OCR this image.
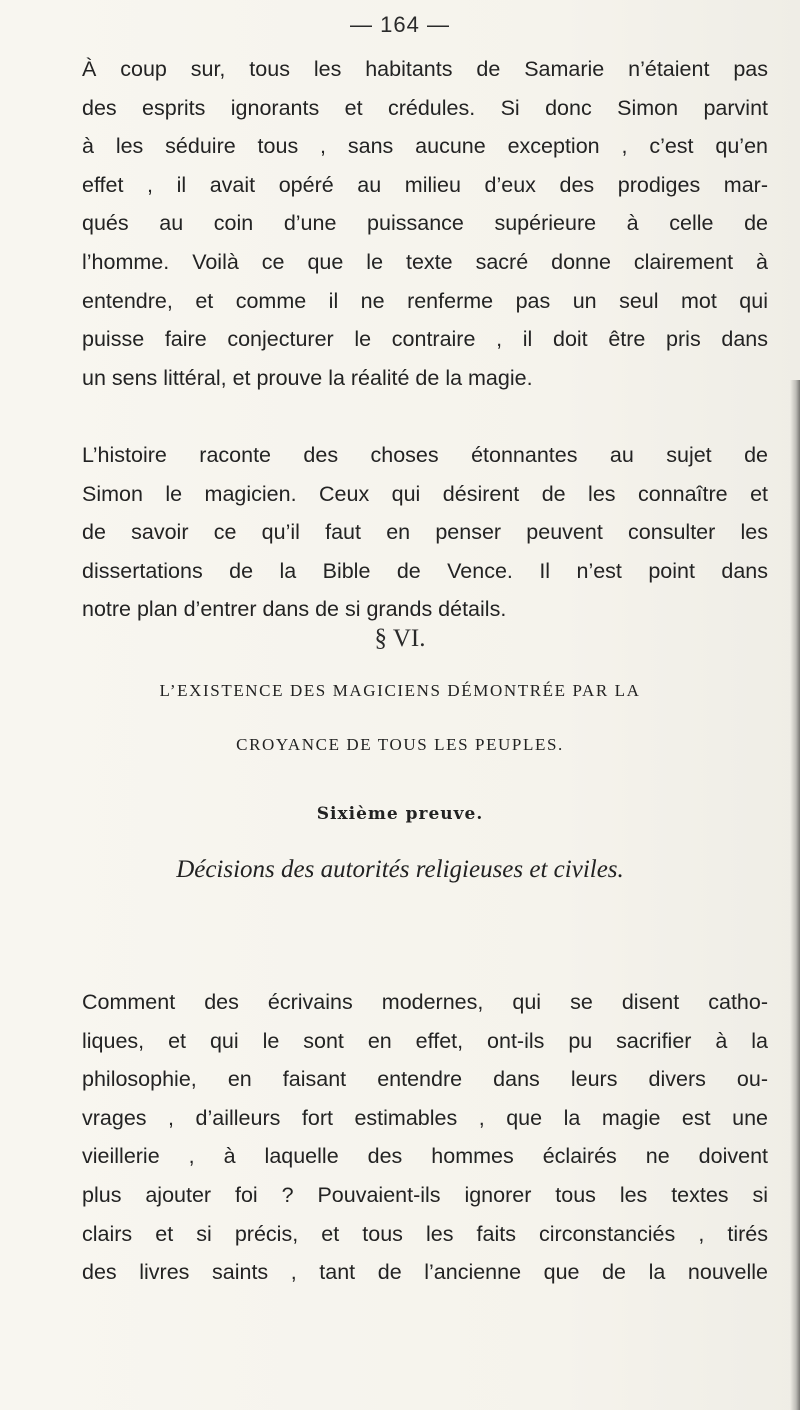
— 164 —
À coup sur, tous les habitants de Samarie n’étaient pas
des esprits ignorants et crédules. Si donc Simon parvint
à les séduire tous , sans aucune exception , c’est qu’en
effet , il avait opéré au milieu d’eux des prodiges mar-
qués au coin d’une puissance supérieure à celle de
l’homme. Voilà ce que le texte sacré donne clairement à
entendre, et comme il ne renferme pas un seul mot qui
puisse faire conjecturer le contraire , il doit être pris dans
un sens littéral, et prouve la réalité de la magie.
L’histoire raconte des choses étonnantes au sujet de
Simon le magicien. Ceux qui désirent de les connaître et
de savoir ce qu’il faut en penser peuvent consulter les
dissertations de la Bible de Vence. Il n’est point dans
notre plan d’entrer dans de si grands détails.
§ VI.
L’EXISTENCE DES MAGICIENS DÉMONTRÉE PAR LA
CROYANCE DE TOUS LES PEUPLES.
Sixième preuve.
Décisions des autorités religieuses et civiles.
Comment des écrivains modernes, qui se disent catho-
liques, et qui le sont en effet, ont-ils pu sacrifier à la
philosophie, en faisant entendre dans leurs divers ou-
vrages , d’ailleurs fort estimables , que la magie est une
vieillerie , à laquelle des hommes éclairés ne doivent
plus ajouter foi ? Pouvaient-ils ignorer tous les textes si
clairs et si précis, et tous les faits circonstanciés , tirés
des livres saints , tant de l’ancienne que de la nouvelle
